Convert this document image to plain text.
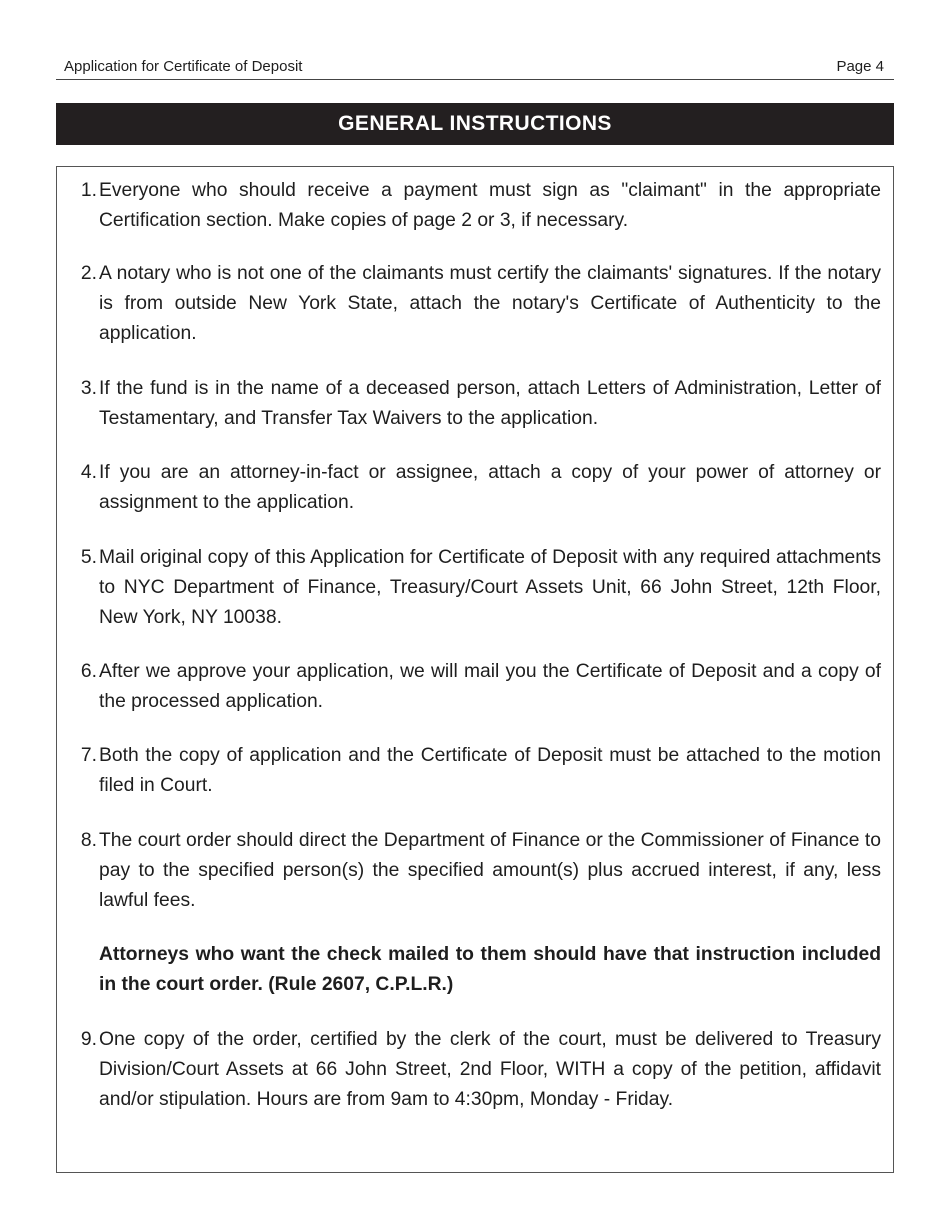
Application for Certificate of Deposit	Page 4
GENERAL INSTRUCTIONS
1. Everyone who should receive a payment must sign as "claimant" in the appropriate Certification section. Make copies of page 2 or 3, if necessary.
2. A notary who is not one of the claimants must certify the claimants' signatures. If the notary is from outside New York State, attach the notary's Certificate of Authenticity to the application.
3. If the fund is in the name of a deceased person, attach Letters of Administration, Letter of Testamentary, and Transfer Tax Waivers to the application.
4. If you are an attorney-in-fact or assignee, attach a copy of your power of attorney or assignment to the application.
5. Mail original copy of this Application for Certificate of Deposit with any required attachments to NYC Department of Finance, Treasury/Court Assets Unit, 66 John Street, 12th Floor, New York, NY 10038.
6. After we approve your application, we will mail you the Certificate of Deposit and a copy of the processed application.
7. Both the copy of application and the Certificate of Deposit must be attached to the motion filed in Court.
8. The court order should direct the Department of Finance or the Commissioner of Finance to pay to the specified person(s) the specified amount(s) plus accrued interest, if any, less lawful fees.
Attorneys who want the check mailed to them should have that instruction included in the court order. (Rule 2607, C.P.L.R.)
9. One copy of the order, certified by the clerk of the court, must be delivered to Treasury Division/Court Assets at 66 John Street, 2nd Floor, WITH a copy of the petition, affidavit and/or stipulation. Hours are from 9am to 4:30pm, Monday - Friday.
